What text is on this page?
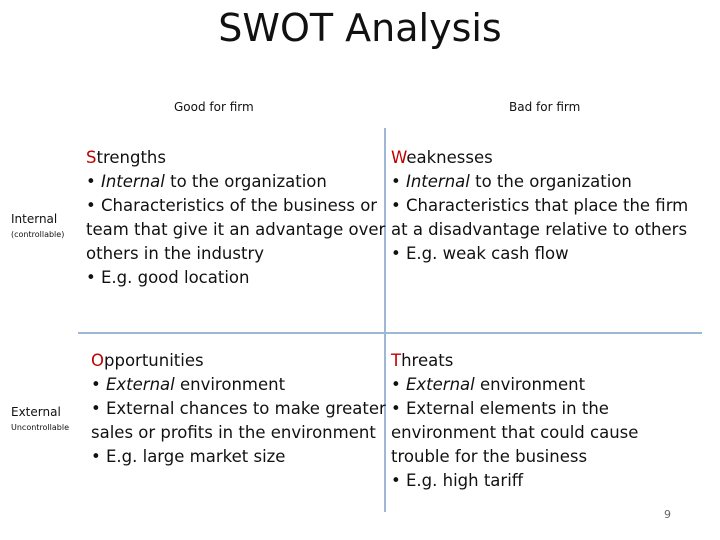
SWOT Analysis
Good for firm	Bad for firm
Internal
(controllable)
External
Uncontrollable
Strengths
• Internal to the organization
• Characteristics of the business or
team that give it an advantage over
others in the industry
• E.g. good location
Weaknesses
• Internal to the organization
• Characteristics that place the firm
at a disadvantage relative to others
• E.g. weak cash flow
Opportunities
• External environment
• External chances to make greater
sales or profits in the environment
• E.g. large market size
Threats
• External environment
• External elements in the
environment that could cause
trouble for the business
• E.g. high tariff
9
